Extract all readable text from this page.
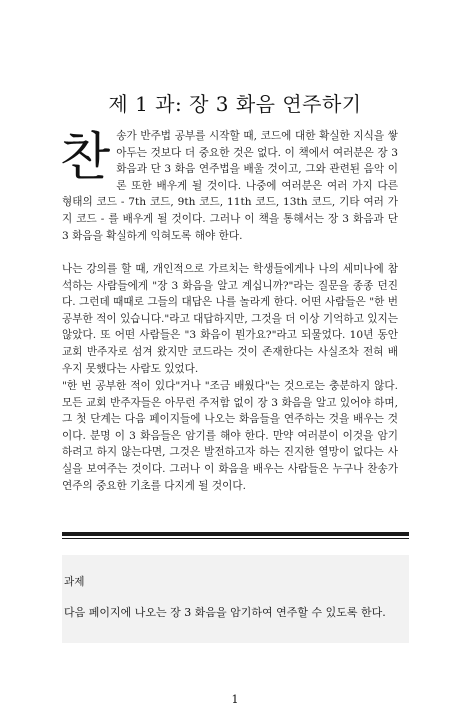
제 1 과: 장 3 화음 연주하기

찬송가 반주법 공부를 시작할 때, 코드에 대한 확실한 지식을 쌓아두는 것보다 더 중요한 것은 없다. 이 책에서 여러분은 장 3 화음과 단 3 화음 연주법을 배울 것이고, 그와 관련된 음악 이론 또한 배우게 될 것이다. 나중에 여러분은 여러 가지 다른 형태의 코드 - 7th 코드, 9th 코드, 11th 코드, 13th 코드, 기타 여러 가지 코드 - 를 배우게 될 것이다. 그러나 이 책을 통해서는 장 3 화음과 단 3 화음을 확실하게 익혀도록 해야 한다.

나는 강의를 할 때, 개인적으로 가르치는 학생들에게나 나의 세미나에 참석하는 사람들에게 "장 3 화음을 알고 계십니까?"라는 질문을 종종 던진다. 그런데 때때로 그들의 대답은 나를 놀라게 한다. 어떤 사람들은 "한 번 공부한 적이 있습니다."라고 대답하지만, 그것을 더 이상 기억하고 있지는 않았다. 또 어떤 사람들은 "3 화음이 뭔가요?"라고 되물었다. 10년 동안 교회 반주자로 섬겨 왔지만 코드라는 것이 존재한다는 사실조차 전혀 배우지 못했다는 사람도 있었다.

"한 번 공부한 적이 있다"거나 "조금 배웠다"는 것으로는 충분하지 않다. 모든 교회 반주자들은 아무런 주저함 없이 장 3 화음을 알고 있어야 하며, 그 첫 단계는 다음 페이지들에 나오는 화음들을 연주하는 것을 배우는 것이다. 분명 이 3 화음들은 암기를 해야 한다. 만약 여러분이 이것을 암기하려고 하지 않는다면, 그것은 발전하고자 하는 진지한 열망이 없다는 사실을 보여주는 것이다. 그러나 이 화음을 배우는 사람들은 누구나 찬송가 연주의 중요한 기초를 다지게 될 것이다.

과제
다음 페이지에 나오는 장 3 화음을 암기하여 연주할 수 있도록 한다.
1
